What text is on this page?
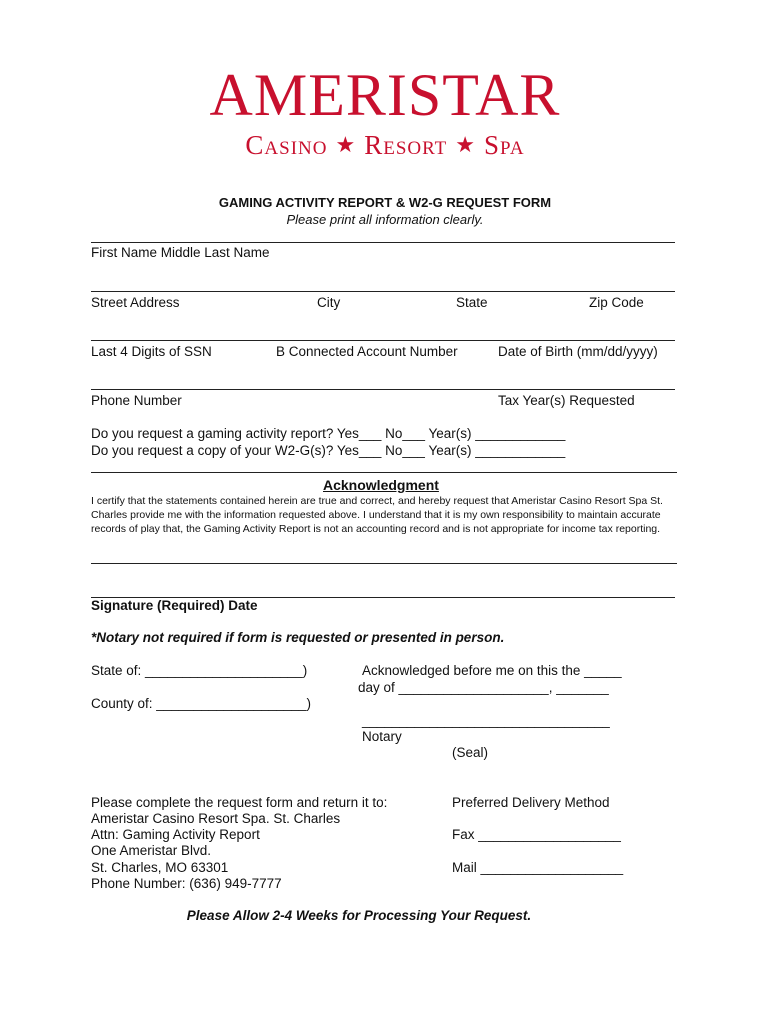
AMERISTAR
Casino ★ Resort ★ Spa
GAMING ACTIVITY REPORT & W2-G REQUEST FORM
Please print all information clearly.
First Name Middle Last Name
Street Address	City	State	Zip Code
Last 4 Digits of SSN	B Connected Account Number	Date of Birth (mm/dd/yyyy)
Phone Number	Tax Year(s) Requested
Do you request a gaming activity report? Yes___ No___ Year(s) ____________
Do you request a copy of your W2-G(s)? Yes___ No___ Year(s) ____________
Acknowledgment
I certify that the statements contained herein are true and correct, and hereby request that Ameristar Casino Resort Spa St. Charles provide me with the information requested above. I understand that it is my own responsibility to maintain accurate records of play that, the Gaming Activity Report is not an accounting record and is not appropriate for income tax reporting.
Signature (Required) Date
*Notary not required if form is requested or presented in person.
State of: _____________________)	Acknowledged before me on this the _____
day of ____________________, _______
County of: ____________________)
_________________________________
Notary
(Seal)
Please complete the request form and return it to:
Ameristar Casino Resort Spa. St. Charles
Attn: Gaming Activity Report
One Ameristar Blvd.
St. Charles, MO 63301
Phone Number: (636) 949-7777
Preferred Delivery Method
Fax ___________________
Mail ___________________
Please Allow 2-4 Weeks for Processing Your Request.
